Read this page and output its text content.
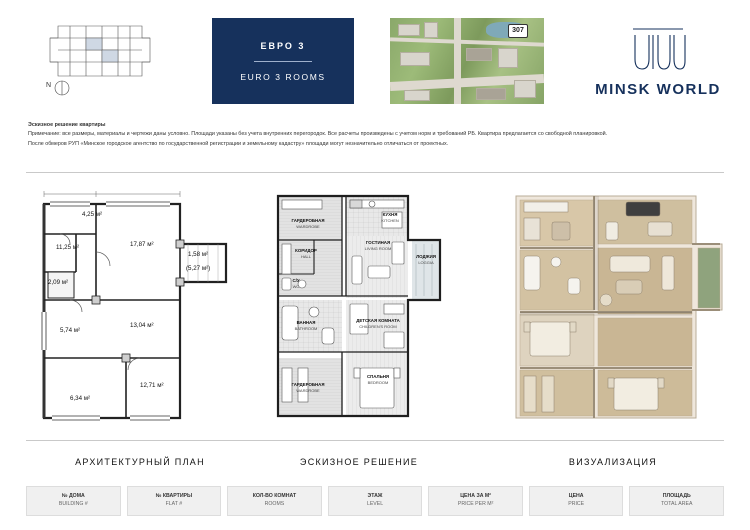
N
ЕВРО 3
EURO 3 ROOMS
307
MINSK WORLD
Эскизное решение квартиры
Примечание: все размеры, материалы и чертежи даны условно. Площади указаны без учета внутренних перегородок. Все расчеты произведены с учетом норм и требований РБ. Квартира предлагается со свободной планировкой.
После обмеров РУП «Минское городское агентство по государственной регистрации и земельному кадастру» площади могут незначительно отличаться от проектных.
4,25 м²
11,25 м²	17,87 м²
1,58 м²
(5,27 м²)
2,09 м²
5,74 м²
13,04 м²
6,34 м²
12,71 м²
ГАРДЕРОБНАЯ
КУХНЯ
КОРИДОР
ГОСТИНАЯ
С/У
ЛОДЖИЯ
ВАННАЯ	ДЕТСКАЯ КОМНАТА
ГАРДЕРОБНАЯ
СПАЛЬНЯ
WARDROBE
KITCHEN
HALL
LIVING ROOM
WC
LOGGIA
BATHROOM	CHILDREN'S ROOM
WARDROBE
BEDROOM
АРХИТЕКТУРНЫЙ ПЛАН	ЭСКИЗНОЕ РЕШЕНИЕ	ВИЗУАЛИЗАЦИЯ
№ ДОМА
BUILDING #
№ КВАРТИРЫ
FLAT #
КОЛ-ВО КОМНАТ
ROOMS
ЭТАЖ
LEVEL
ЦЕНА ЗА М²
PRICE PER M²
ЦЕНА
PRICE
ПЛОЩАДЬ
TOTAL AREA
